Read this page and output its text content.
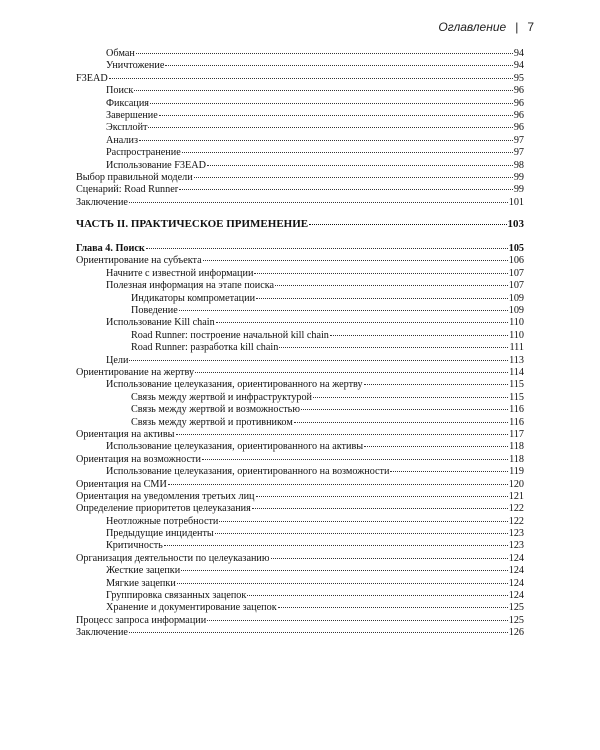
Оглавление | 7
Обман	94
Уничтожение	94
F3EAD	95
Поиск	96
Фиксация	96
Завершение	96
Эксплойт	96
Анализ	97
Распространение	97
Использование F3EAD	98
Выбор правильной модели	99
Сценарий: Road Runner	99
Заключение	101
ЧАСТЬ II. ПРАКТИЧЕСКОЕ ПРИМЕНЕНИЕ	103
Глава 4. Поиск	105
Ориентирование на субъекта	106
Начните с известной информации	107
Полезная информация на этапе поиска	107
Индикаторы компрометации	109
Поведение	109
Использование Kill chain	110
Road Runner: построение начальной kill chain	110
Road Runner: разработка kill chain	111
Цели	113
Ориентирование на жертву	114
Использование целеуказания, ориентированного на жертву	115
Связь между жертвой и инфраструктурой	115
Связь между жертвой и возможностью	116
Связь между жертвой и противником	116
Ориентация на активы	117
Использование целеуказания, ориентированного на активы	118
Ориентация на возможности	118
Использование целеуказания, ориентированного на возможности	119
Ориентация на СМИ	120
Ориентация на уведомления третьих лиц	121
Определение приоритетов целеуказания	122
Неотложные потребности	122
Предыдущие инциденты	123
Критичность	123
Организация деятельности по целеуказанию	124
Жесткие зацепки	124
Мягкие зацепки	124
Группировка связанных зацепок	124
Хранение и документирование зацепок	125
Процесс запроса информации	125
Заключение	126
